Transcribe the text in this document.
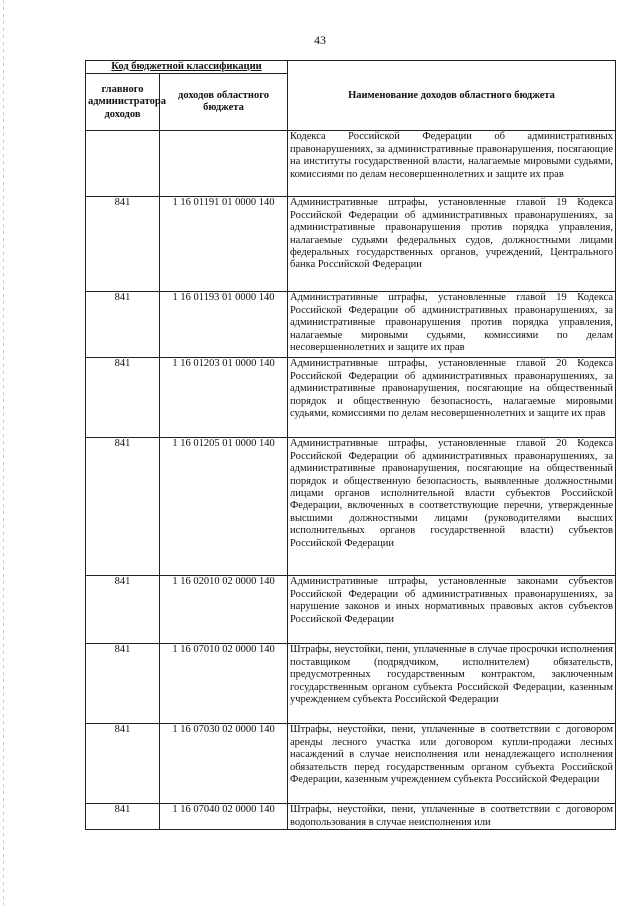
43
Код бюджетной классификации		Наименование доходов областного бюджета
главного администратора доходов	доходов областного бюджета	
		Кодекса Российской Федерации об административных правонарушениях, за административные правонарушения, посягающие на институты государственной власти, налагаемые мировыми судьями, комиссиями по делам несовершеннолетних и защите их прав
841	1 16 01191 01 0000 140	Административные штрафы, установленные главой 19 Кодекса Российской Федерации об административных правонарушениях, за административные правонарушения против порядка управления, налагаемые судьями федеральных судов, должностными лицами федеральных государственных органов, учреждений, Центрального банка Российской Федерации
841	1 16 01193 01 0000 140	Административные штрафы, установленные главой 19 Кодекса Российской Федерации об административных правонарушениях, за административные правонарушения против порядка управления, налагаемые мировыми судьями, комиссиями по делам несовершеннолетних и защите их прав
841	1 16 01203 01 0000 140	Административные штрафы, установленные главой 20 Кодекса Российской Федерации об административных правонарушениях, за административные правонарушения, посягающие на общественный порядок и общественную безопасность, налагаемые мировыми судьями, комиссиями по делам несовершеннолетних и защите их прав
841	1 16 01205 01 0000 140	Административные штрафы, установленные главой 20 Кодекса Российской Федерации об административных правонарушениях, за административные правонарушения, посягающие на общественный порядок и общественную безопасность, выявленные должностными лицами органов исполнительной власти субъектов Российской Федерации, включенных в соответствующие перечни, утвержденные высшими должностными лицами (руководителями высших исполнительных органов государственной власти) субъектов Российской Федерации
841	1 16 02010 02 0000 140	Административные штрафы, установленные законами субъектов Российской Федерации об административных правонарушениях, за нарушение законов и иных нормативных правовых актов субъектов Российской Федерации
841	1 16 07010 02 0000 140	Штрафы, неустойки, пени, уплаченные в случае просрочки исполнения поставщиком (подрядчиком, исполнителем) обязательств, предусмотренных государственным контрактом, заключенным государственным органом субъекта Российской Федерации, казенным учреждением субъекта Российской Федерации
841	1 16 07030 02 0000 140	Штрафы, неустойки, пени, уплаченные в соответствии с договором аренды лесного участка или договором купли-продажи лесных насаждений в случае неисполнения или ненадлежащего исполнения обязательств перед государственным органом субъекта Российской Федерации, казенным учреждением субъекта Российской Федерации
841	1 16 07040 02 0000 140	Штрафы, неустойки, пени, уплаченные в соответствии с договором водопользования в случае неисполнения или
